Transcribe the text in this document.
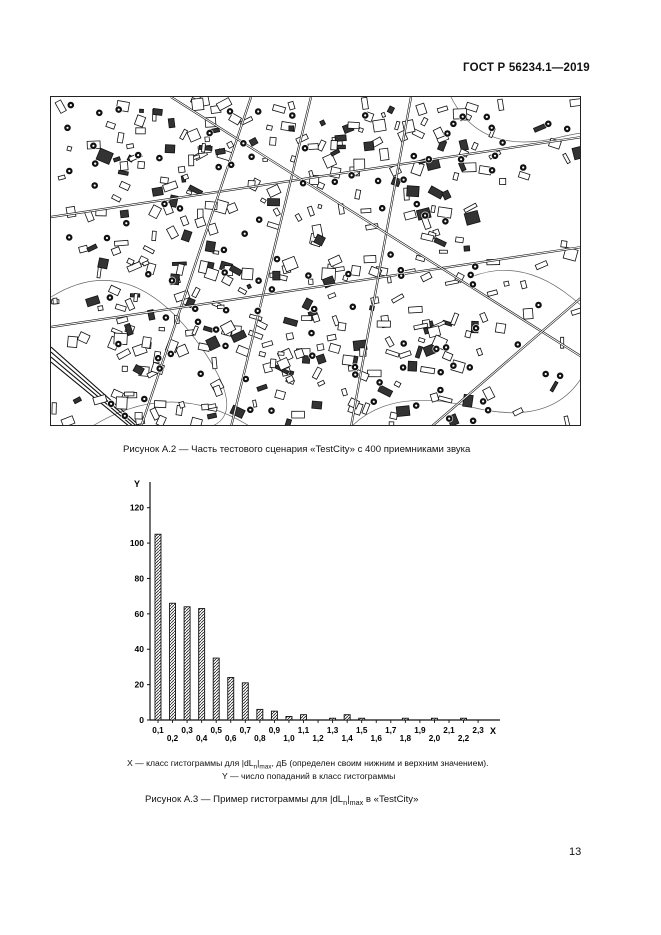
ГОСТ Р 56234.1—2019
Рисунок А.2 — Часть тестового сценария «TestCity» с 400 приемниками звука
Y
0
20
40
60
80
100
120
0,1
0,2
0,3
0,4
0,5
0,6
0,7
0,8
0,9
1,0
1,1
1,2
1,3
1,4
1,5
1,6
1,7
1,8
1,9
2,0
2,1
2,2
2,3 X
X — класс гистограммы для $|dL_n|_{max}$, дБ (определен своим нижним и верхним значением).
Y — число попаданий в класс гистограммы
Рисунок А.3 — Пример гистограммы для $|dL_n|_{max}$ в «TestCity»
13
